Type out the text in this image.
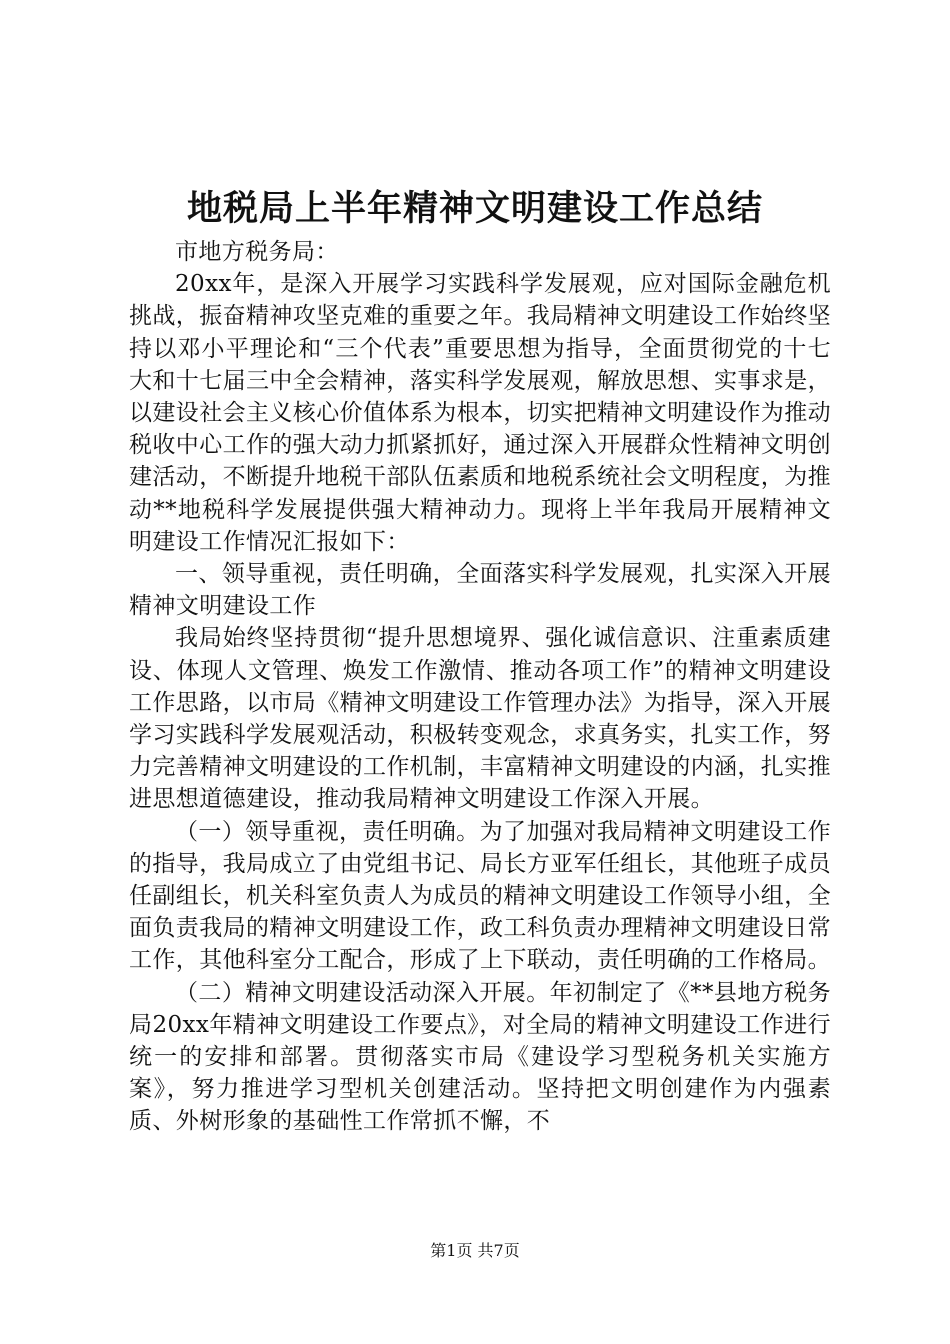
地税局上半年精神文明建设工作总结

市地方税务局：

20xx年，是深入开展学习实践科学发展观，应对国际金融危机挑战，振奋精神攻坚克难的重要之年。我局精神文明建设工作始终坚持以邓小平理论和“三个代表”重要思想为指导，全面贯彻党的十七大和十七届三中全会精神，落实科学发展观，解放思想、实事求是，以建设社会主义核心价值体系为根本，切实把精神文明建设作为推动税收中心工作的强大动力抓紧抓好，通过深入开展群众性精神文明创建活动，不断提升地税干部队伍素质和地税系统社会文明程度，为推动**地税科学发展提供强大精神动力。现将上半年我局开展精神文明建设工作情况汇报如下：

一、领导重视，责任明确，全面落实科学发展观，扎实深入开展精神文明建设工作

我局始终坚持贯彻“提升思想境界、强化诚信意识、注重素质建设、体现人文管理、焕发工作激情、推动各项工作”的精神文明建设工作思路，以市局《精神文明建设工作管理办法》为指导，深入开展学习实践科学发展观活动，积极转变观念，求真务实，扎实工作，努力完善精神文明建设的工作机制，丰富精神文明建设的内涵，扎实推进思想道德建设，推动我局精神文明建设工作深入开展。

（一）领导重视，责任明确。为了加强对我局精神文明建设工作的指导，我局成立了由党组书记、局长方亚军任组长，其他班子成员任副组长，机关科室负责人为成员的精神文明建设工作领导小组，全面负责我局的精神文明建设工作，政工科负责办理精神文明建设日常工作，其他科室分工配合，形成了上下联动，责任明确的工作格局。

（二）精神文明建设活动深入开展。年初制定了《**县地方税务局20xx年精神文明建设工作要点》，对全局的精神文明建设工作进行统一的安排和部署。贯彻落实市局《建设学习型税务机关实施方案》，努力推进学习型机关创建活动。坚持把文明创建作为内强素质、外树形象的基础性工作常抓不懈，不

第1页 共7页
